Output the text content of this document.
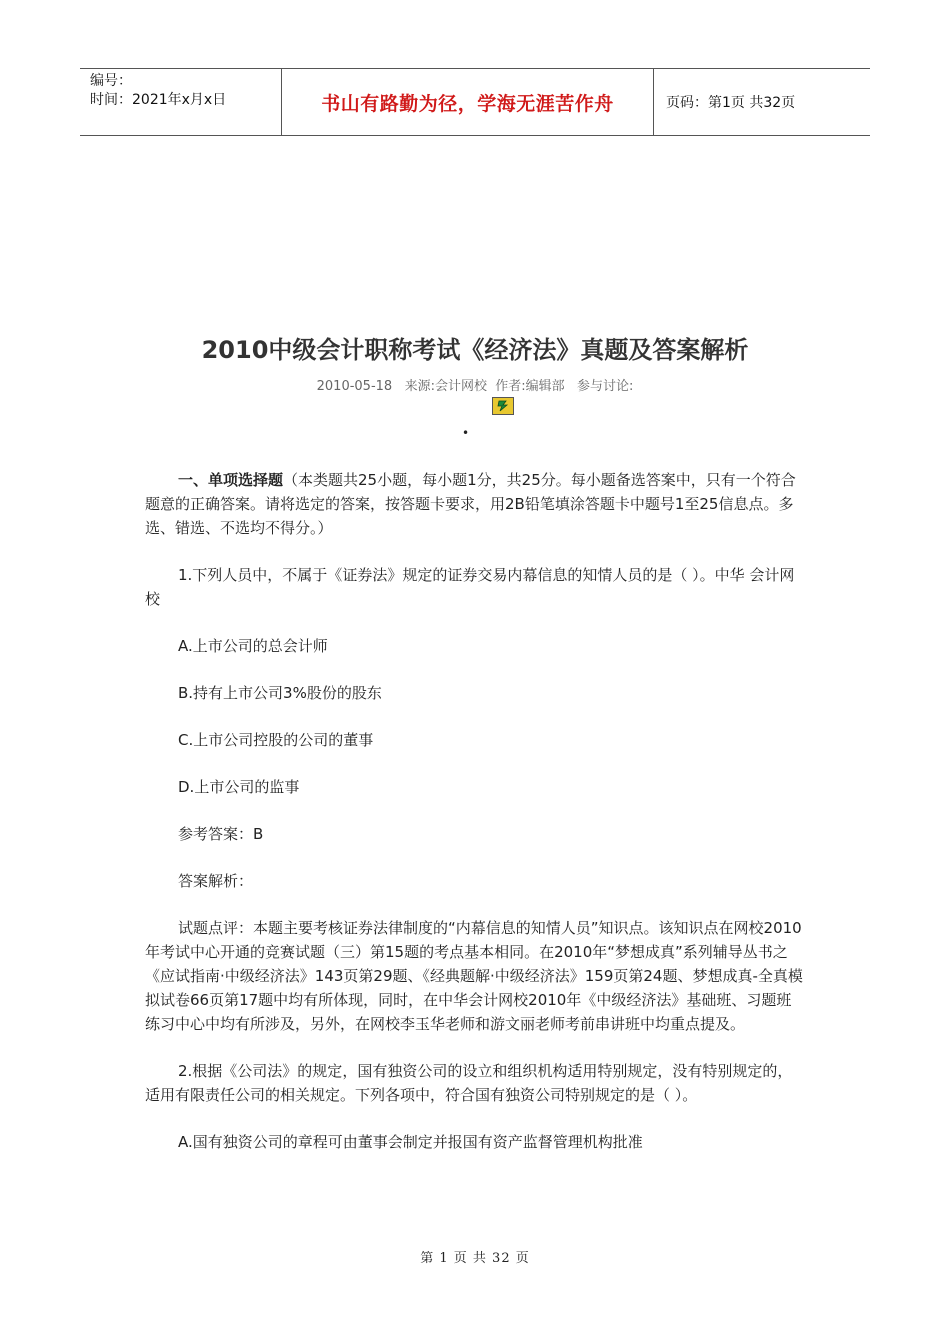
编号：
时间：2021年x月x日	书山有路勤为径，学海无涯苦作舟	页码：第1页 共32页
2010中级会计职称考试《经济法》真题及答案解析
2010-05-18   来源:会计网校  作者:编辑部   参与讨论:
•

一、单项选择题（本类题共25小题，每小题1分，共25分。每小题备选答案中，只有一个符合题意的正确答案。请将选定的答案，按答题卡要求，用2B铅笔填涂答题卡中题号1至25信息点。多选、错选、不选均不得分。）

1.下列人员中，不属于《证券法》规定的证券交易内幕信息的知情人员的是（ ）。中华 会计网校

A.上市公司的总会计师

B.持有上市公司3%股份的股东

C.上市公司控股的公司的董事

D.上市公司的监事

参考答案：B

答案解析：

试题点评：本题主要考核证券法律制度的“内幕信息的知情人员”知识点。该知识点在网校2010年考试中心开通的竞赛试题（三）第15题的考点基本相同。在2010年“梦想成真”系列辅导丛书之《应试指南·中级经济法》143页第29题、《经典题解·中级经济法》159页第24题、梦想成真-全真模拟试卷66页第17题中均有所体现，同时，在中华会计网校2010年《中级经济法》基础班、习题班练习中心中均有所涉及，另外，在网校李玉华老师和游文丽老师考前串讲班中均重点提及。

2.根据《公司法》的规定，国有独资公司的设立和组织机构适用特别规定，没有特别规定的，适用有限责任公司的相关规定。下列各项中，符合国有独资公司特别规定的是（ ）。

A.国有独资公司的章程可由董事会制定并报国有资产监督管理机构批准

第 1 页 共 32 页
